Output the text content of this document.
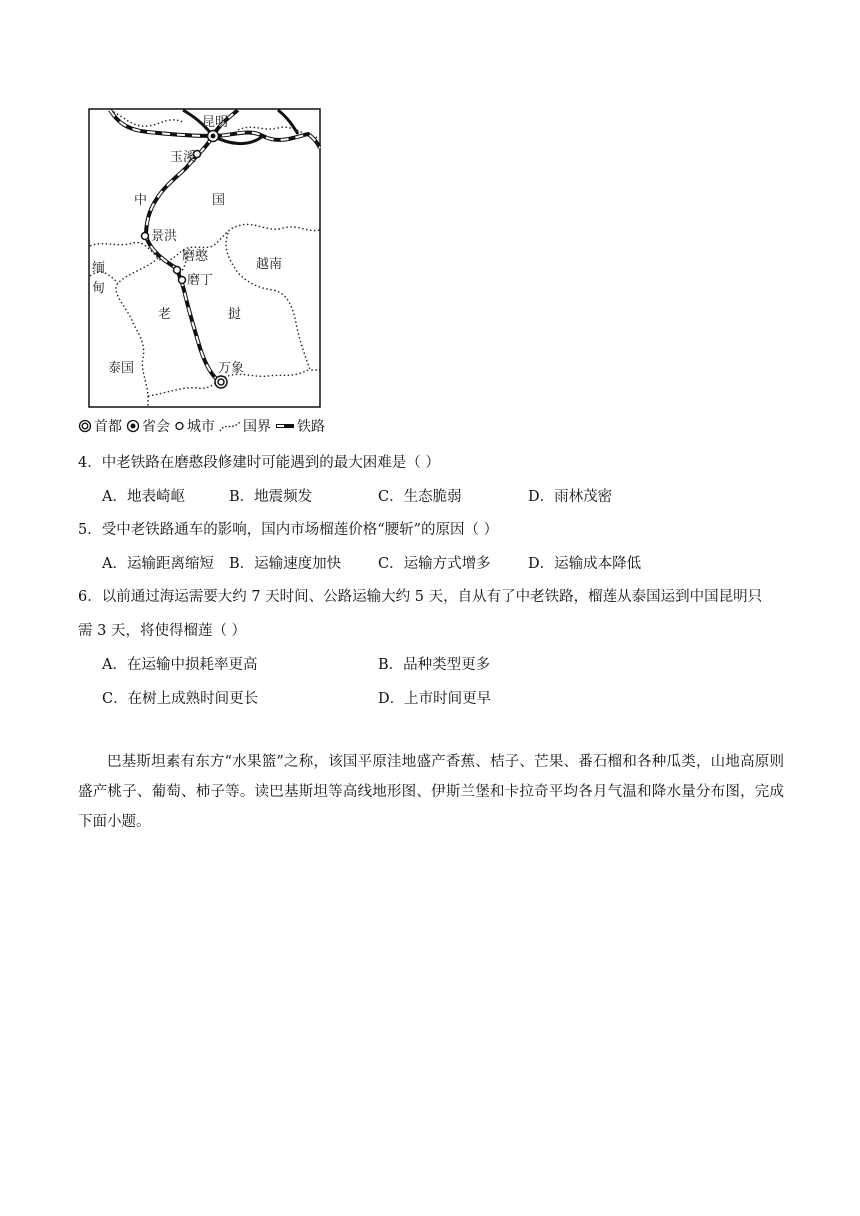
昆明
玉溪
中	国
景洪
磨憨
磨丁
缅
甸
越南
老	挝
泰国	万象
首都 省会 城市 国界 铁路
4．中老铁路在磨憨段修建时可能遇到的最大困难是（ ）
A．地表崎岖	B．地震频发	C．生态脆弱	D．雨林茂密
5．受中老铁路通车的影响，国内市场榴莲价格“腰斩”的原因（ ）
A．运输距离缩短 B．运输速度加快	C．运输方式增多	D．运输成本降低
6．以前通过海运需要大约 7 天时间、公路运输大约 5 天，自从有了中老铁路，榴莲从泰国运到中国昆明只
需 3 天，将使得榴莲（ ）
A．在运输中损耗率更高	B．品种类型更多
C．在树上成熟时间更长	D．上市时间更早
巴基斯坦素有东方“水果篮”之称，该国平原洼地盛产香蕉、桔子、芒果、番石榴和各种瓜类，山地高原则盛产桃子、葡萄、柿子等。读巴基斯坦等高线地形图、伊斯兰堡和卡拉奇平均各月气温和降水量分布图，完成下面小题。
